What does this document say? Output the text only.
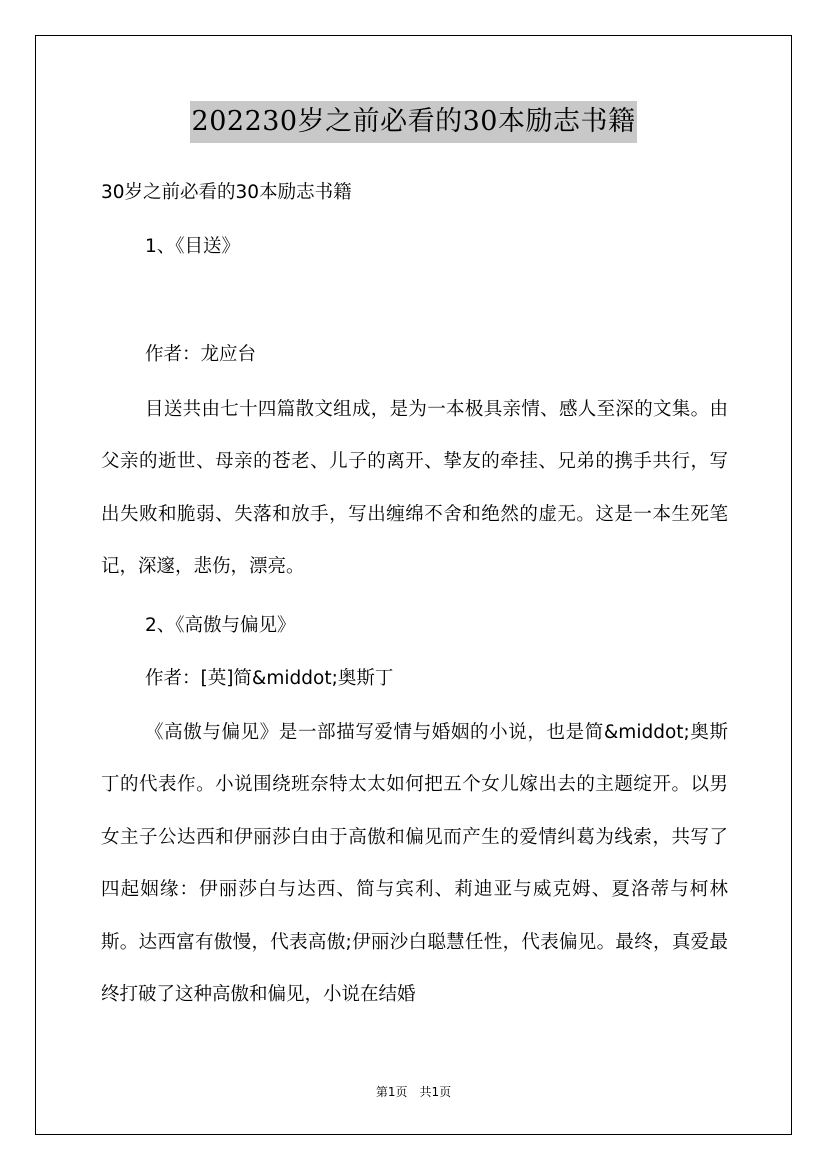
202230岁之前必看的30本励志书籍
30岁之前必看的30本励志书籍
1、《目送》
作者：龙应台
目送共由七十四篇散文组成，是为一本极具亲情、感人至深的文集。由父亲的逝世、母亲的苍老、儿子的离开、挚友的牵挂、兄弟的携手共行，写出失败和脆弱、失落和放手，写出缠绵不舍和绝然的虚无。这是一本生死笔记，深邃，悲伤，漂亮。
2、《高傲与偏见》
作者：[英]简&middot;奥斯丁
《高傲与偏见》是一部描写爱情与婚姻的小说，也是简&middot;奥斯丁的代表作。小说围绕班奈特太太如何把五个女儿嫁出去的主题绽开。以男女主子公达西和伊丽莎白由于高傲和偏见而产生的爱情纠葛为线索，共写了四起姻缘：伊丽莎白与达西、简与宾利、莉迪亚与威克姆、夏洛蒂与柯林斯。达西富有傲慢，代表高傲;伊丽沙白聪慧任性，代表偏见。最终，真爱最终打破了这种高傲和偏见，小说在结婚
第1页　共1页
